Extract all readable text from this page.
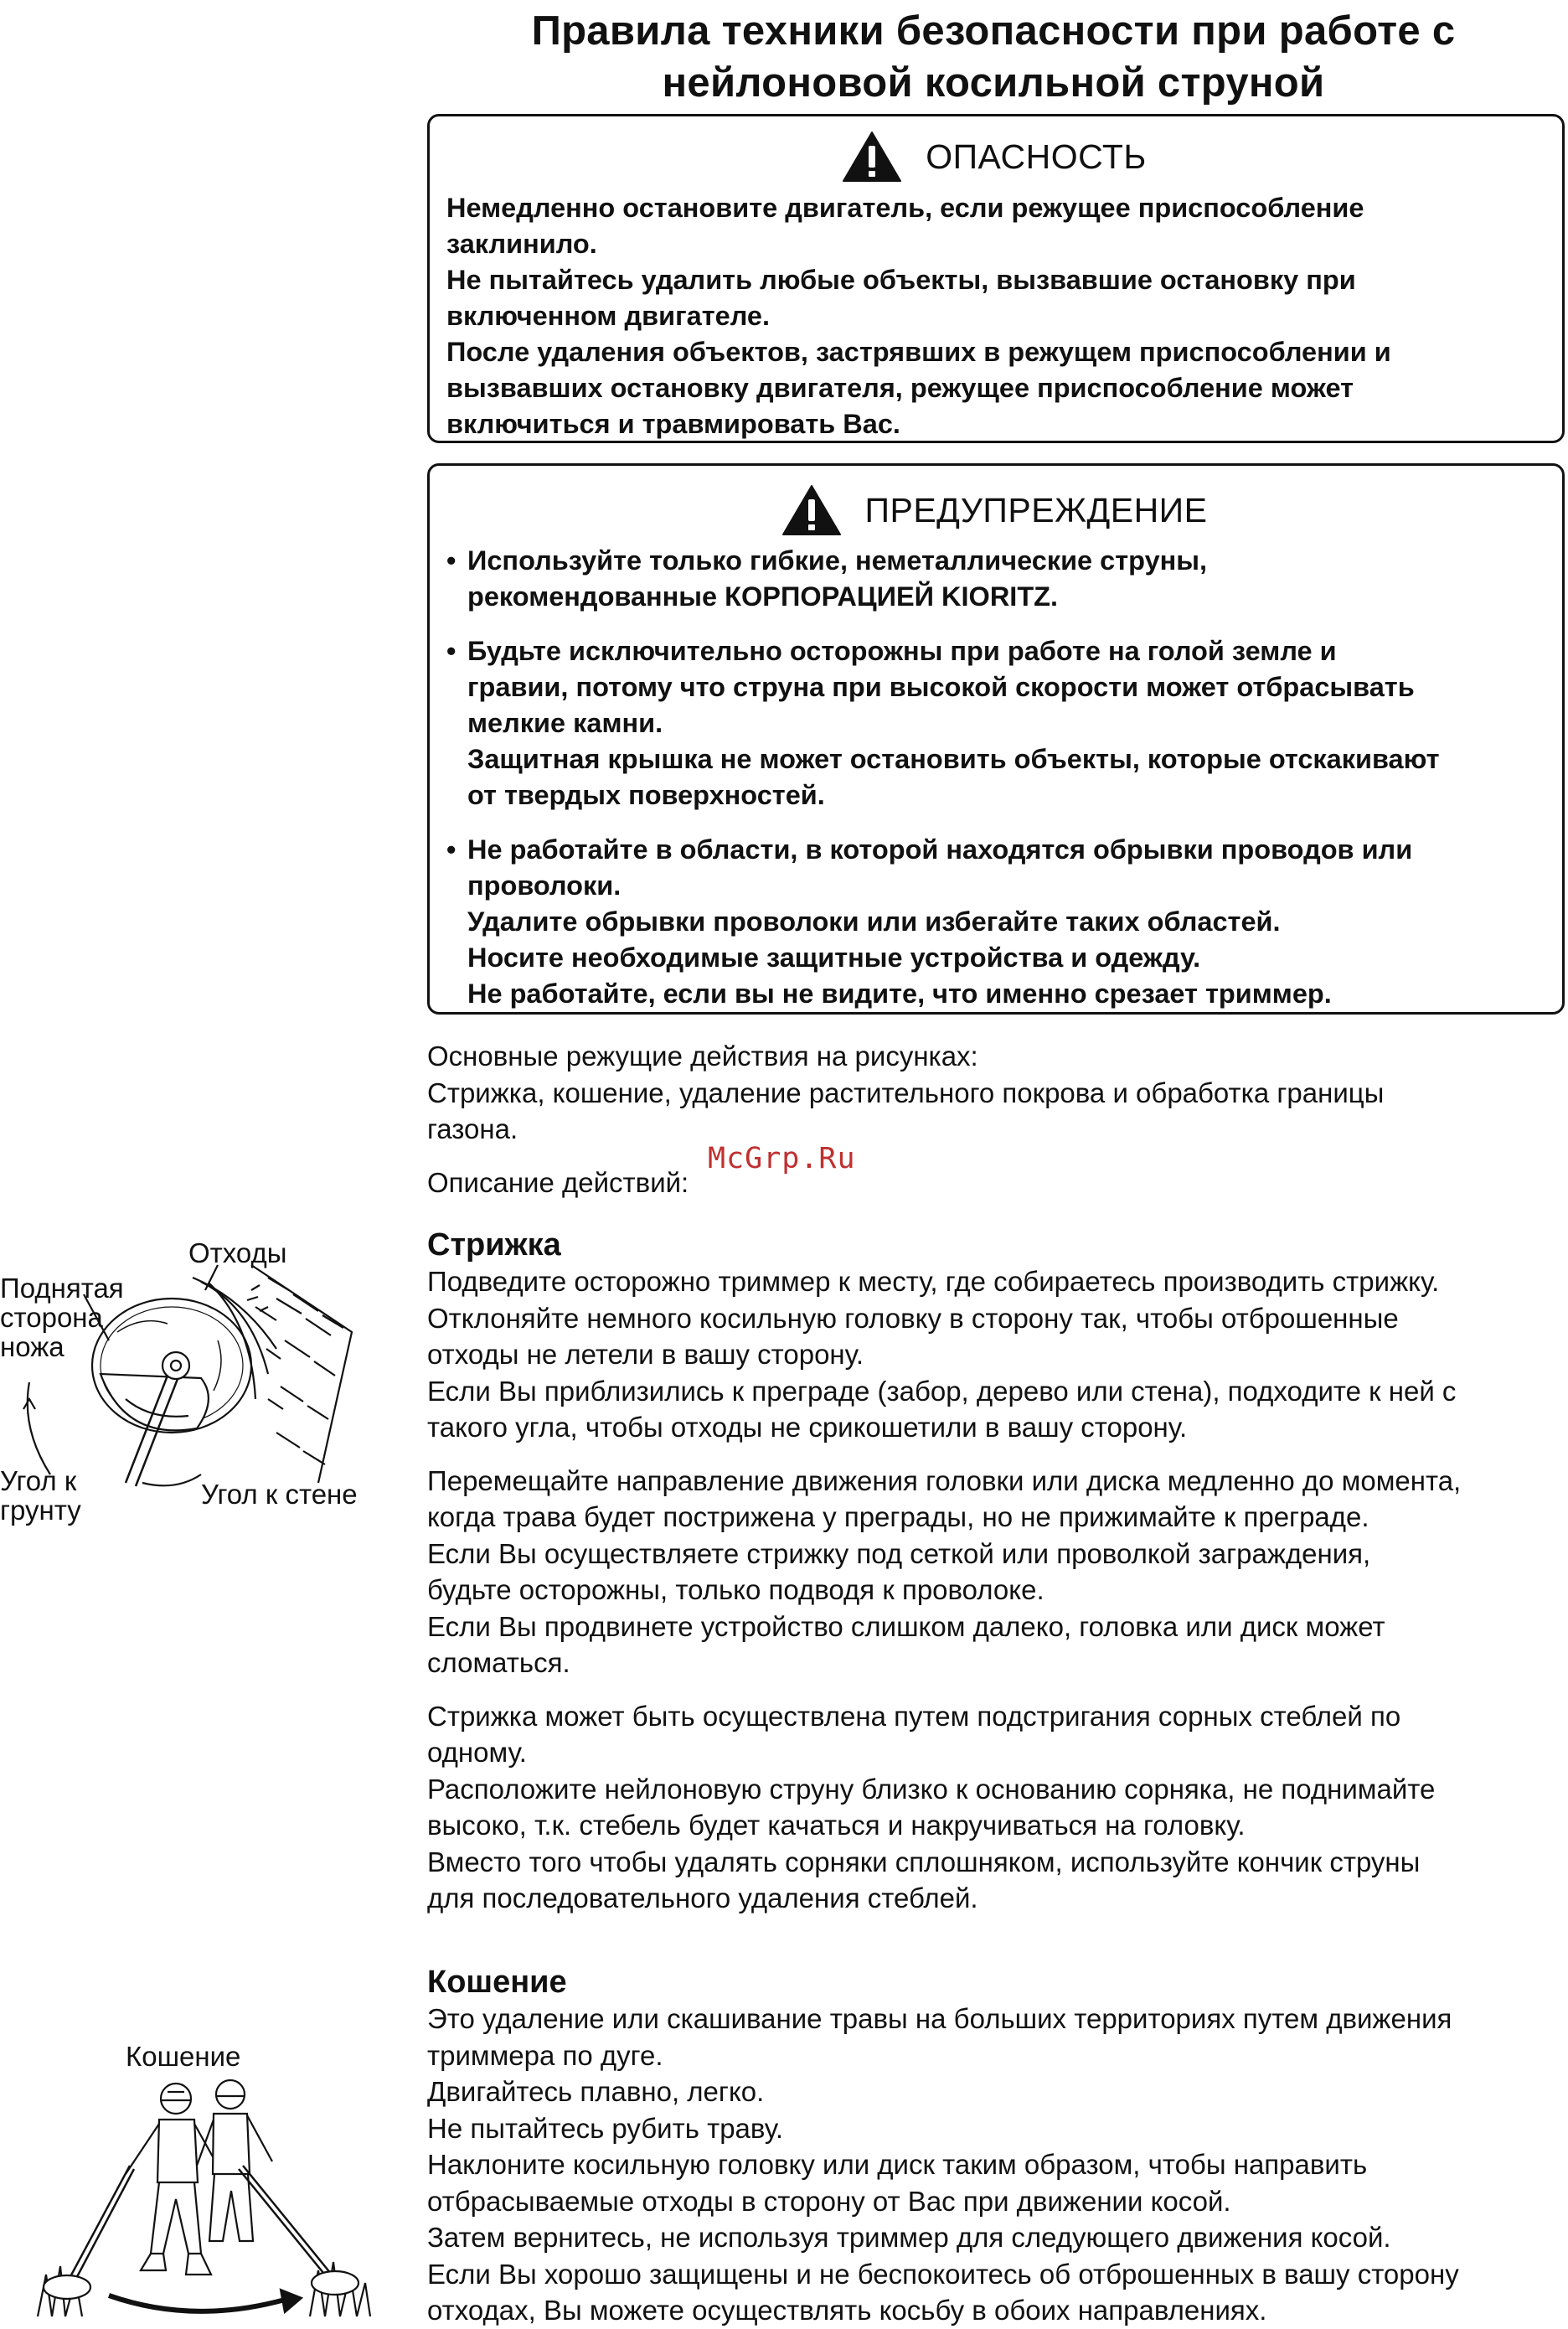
Правила техники безопасности при работе с
нейлоновой косильной струной
ОПАСНОСТЬ

Немедленно остановите двигатель, если режущее приспособление

заклинило.

Не пытайтесь удалить любые объекты, вызвавшие остановку при

включенном двигателе.

После удаления объектов, застрявших в режущем приспособлении и

вызвавших остановку двигателя, режущее приспособление может

включиться и травмировать Вас.

ПРЕДУПРЕЖДЕНИЕ
• Используйте только гибкие, неметаллические струны,

рекомендованные КОРПОРАЦИЕЙ KIORITZ.

• Будьте исключительно осторожны при работе на голой земле и

гравии, потому что струна при высокой скорости может отбрасывать

мелкие камни.

Защитная крышка не может остановить объекты, которые отскакивают

от твердых поверхностей.

• Не работайте в области, в которой находятся обрывки проводов или

проволоки.

Удалите обрывки проволоки или избегайте таких областей.

Носите необходимые защитные устройства и одежду.

Не работайте, если вы не видите, что именно срезает триммер.

Основные режущие действия на рисунках:

Стрижка, кошение, удаление растительного покрова и обработка границы

газона.

Описание действий:

McGrp.Ru

Стрижка

Подведите осторожно триммер к месту, где собираетесь производить стрижку.

Отклоняйте немного косильную головку в сторону так, чтобы отброшенные

отходы не летели в вашу сторону.

Если Вы приблизились к преграде (забор, дерево или стена), подходите к ней с

такого угла, чтобы отходы не срикошетили в вашу сторону.

Перемещайте направление движения головки или диска медленно до момента,

когда трава будет пострижена у преграды, но не прижимайте к преграде.

Если Вы осуществляете стрижку под сеткой или проволкой заграждения,

будьте осторожны, только подводя к проволоке.

Если Вы продвинете устройство слишком далеко, головка или диск может

сломаться.

Стрижка может быть осуществлена путем подстригания сорных стеблей по

одному.

Расположите нейлоновую струну близко к основанию сорняка, не поднимайте

высоко, т.к. стебель будет качаться и накручиваться на головку.

Вместо того чтобы удалять сорняки сплошняком, используйте кончик струны

для последовательного удаления стеблей.

Кошение

Это удаление или скашивание травы на больших территориях путем движения

триммера по дуге.

Двигайтесь плавно, легко.

Не пытайтесь рубить траву.

Наклоните косильную головку или диск таким образом, чтобы направить

отбрасываемые отходы в сторону от Вас при движении косой.

Затем вернитесь, не используя триммер для следующего движения косой.

Если Вы хорошо защищены и не беспокоитесь об отброшенных в вашу сторону

отходах, Вы можете осуществлять косьбу в обоих направлениях.

Отходы
Поднятая
сторона
ножа
Угол к
грунту
Угол к стене
Кошение
